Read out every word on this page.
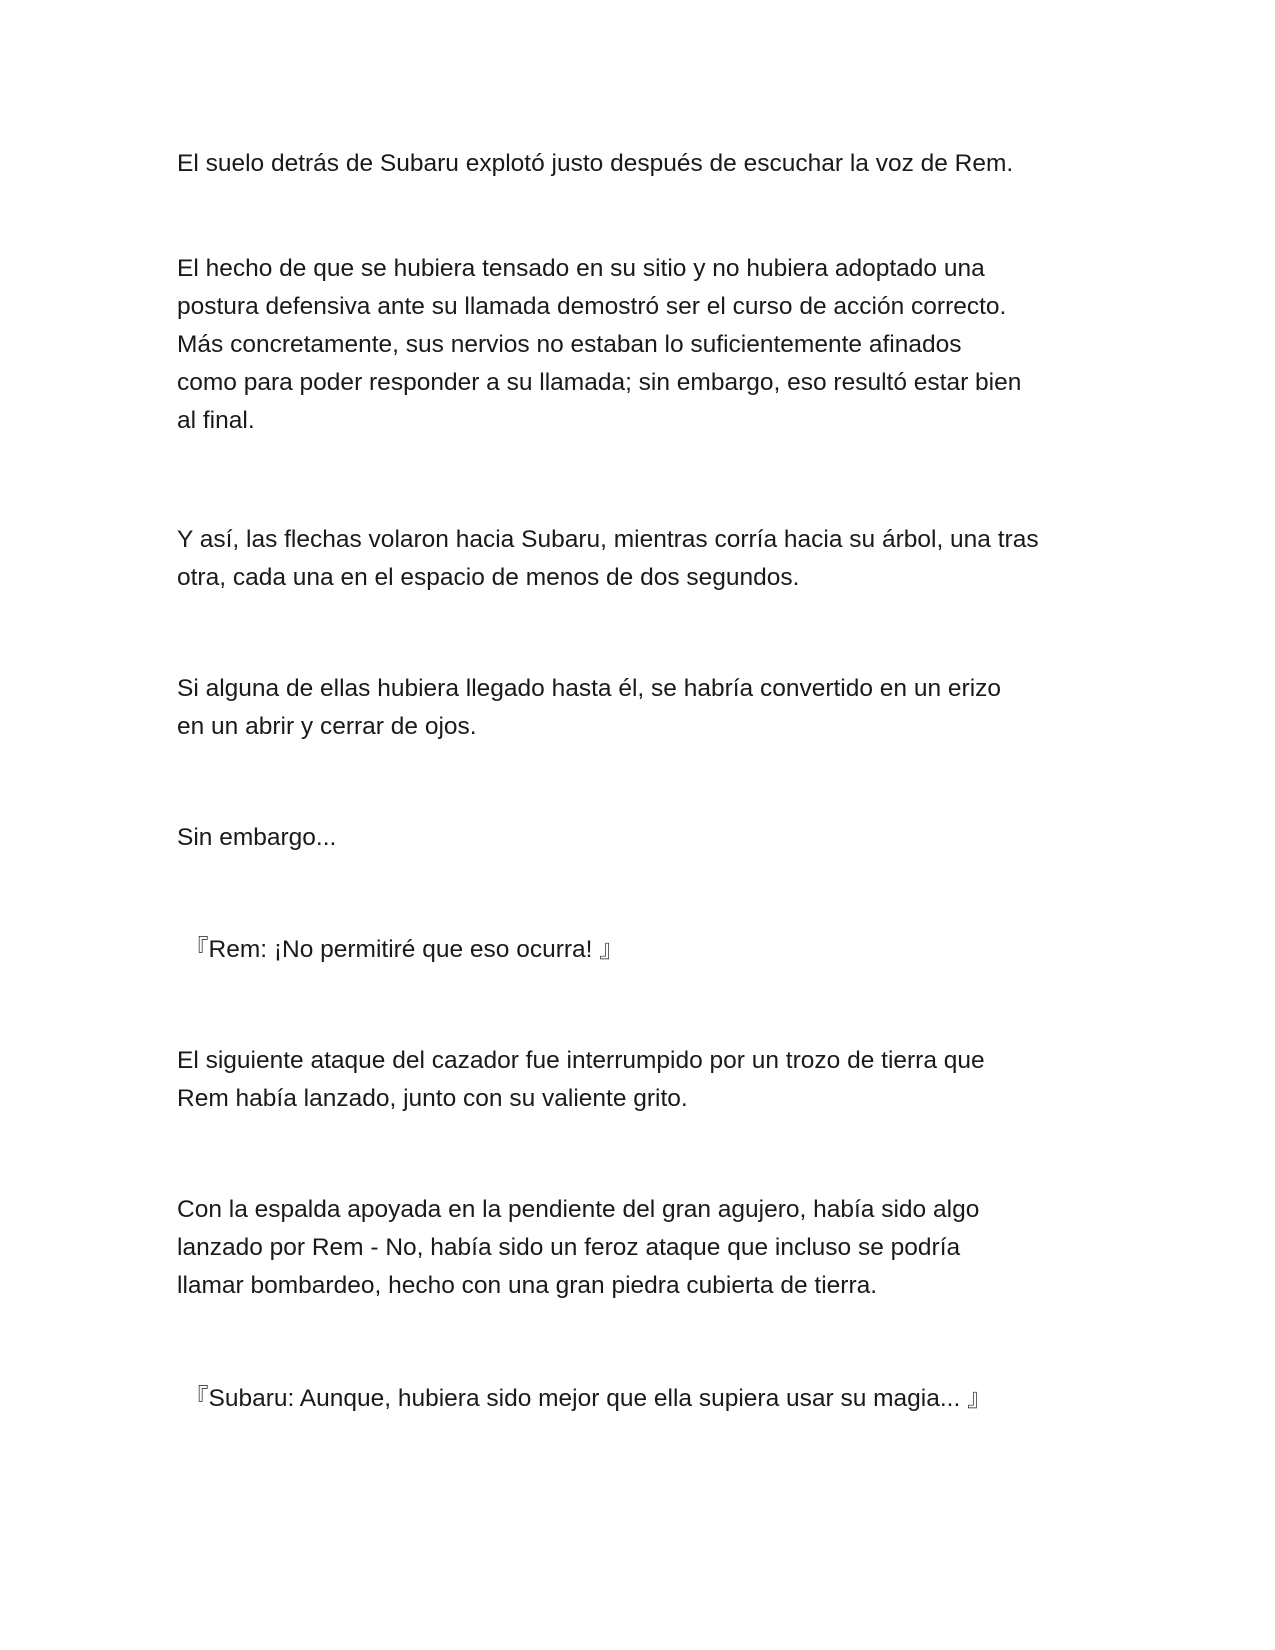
El suelo detrás de Subaru explotó justo después de escuchar la voz de Rem.

El hecho de que se hubiera tensado en su sitio y no hubiera adoptado una
postura defensiva ante su llamada demostró ser el curso de acción correcto.
Más concretamente, sus nervios no estaban lo suficientemente afinados
como para poder responder a su llamada; sin embargo, eso resultó estar bien
al final.

Y así, las flechas volaron hacia Subaru, mientras corría hacia su árbol, una tras
otra, cada una en el espacio de menos de dos segundos.

Si alguna de ellas hubiera llegado hasta él, se habría convertido en un erizo
en un abrir y cerrar de ojos.

Sin embargo...

『Rem: ¡No permitiré que eso ocurra! 』

El siguiente ataque del cazador fue interrumpido por un trozo de tierra que
Rem había lanzado, junto con su valiente grito.

Con la espalda apoyada en la pendiente del gran agujero, había sido algo
lanzado por Rem - No, había sido un feroz ataque que incluso se podría
llamar bombardeo, hecho con una gran piedra cubierta de tierra.

『Subaru: Aunque, hubiera sido mejor que ella supiera usar su magia... 』
